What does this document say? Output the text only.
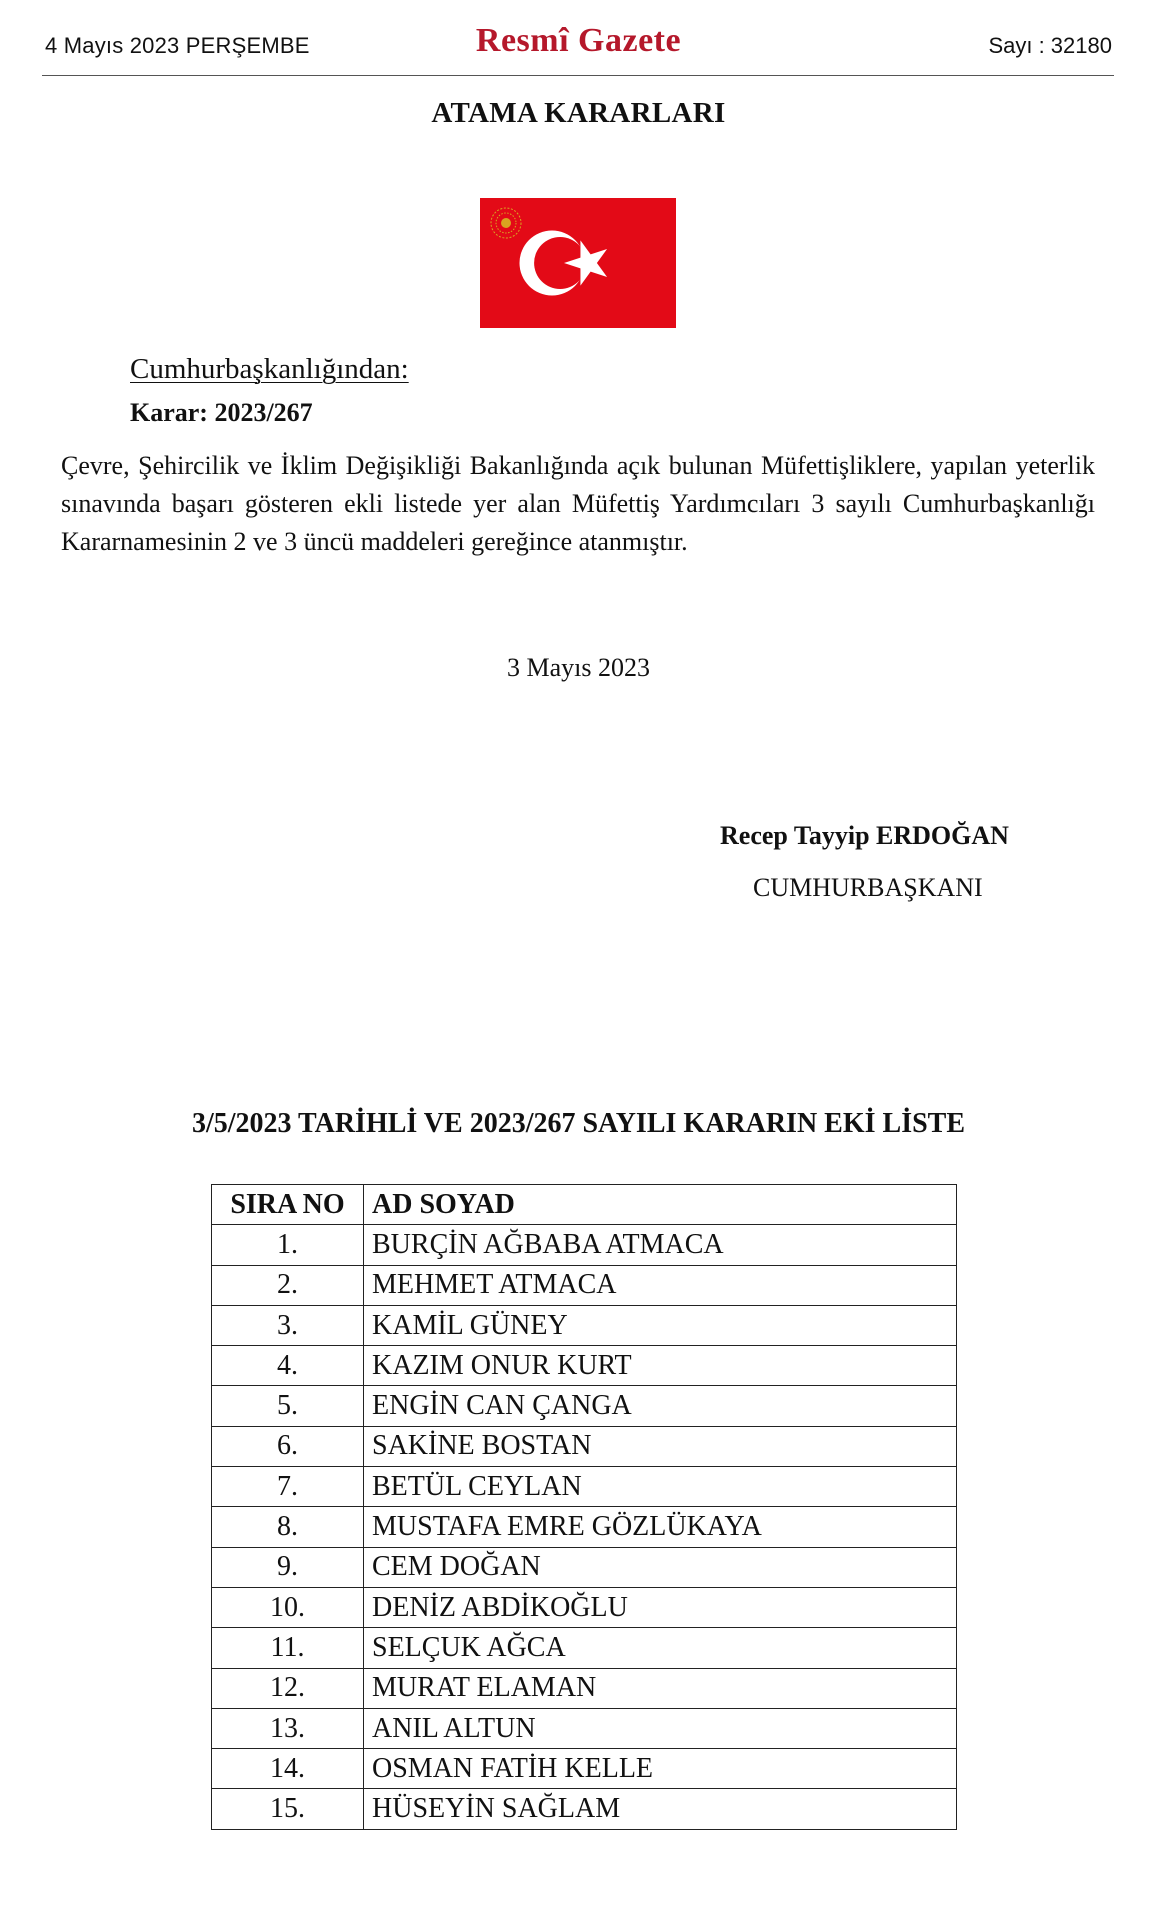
4 Mayıs 2023 PERŞEMBE	Resmî Gazete	Sayı : 32180
ATAMA KARARLARI
Cumhurbaşkanlığından:
Karar: 2023/267
Çevre, Şehircilik ve İklim Değişikliği Bakanlığında açık bulunan Müfettişliklere, yapılan yeterlik sınavında başarı gösteren ekli listede yer alan Müfettiş Yardımcıları 3 sayılı Cumhurbaşkanlığı Kararnamesinin 2 ve 3 üncü maddeleri gereğince atanmıştır.
3 Mayıs 2023
Recep Tayyip ERDOĞAN
CUMHURBAŞKANI
3/5/2023 TARİHLİ VE 2023/267 SAYILI KARARIN EKİ LİSTE
SIRA NO	AD SOYAD
1.	BURÇİN AĞBABA ATMACA
2.	MEHMET ATMACA
3.	KAMİL GÜNEY
4.	KAZIM ONUR KURT
5.	ENGİN CAN ÇANGA
6.	SAKİNE BOSTAN
7.	BETÜL CEYLAN
8.	MUSTAFA EMRE GÖZLÜKAYA
9.	CEM DOĞAN
10.	DENİZ ABDİKOĞLU
11.	SELÇUK AĞCA
12.	MURAT ELAMAN
13.	ANIL ALTUN
14.	OSMAN FATİH KELLE
15.	HÜSEYİN SAĞLAM
